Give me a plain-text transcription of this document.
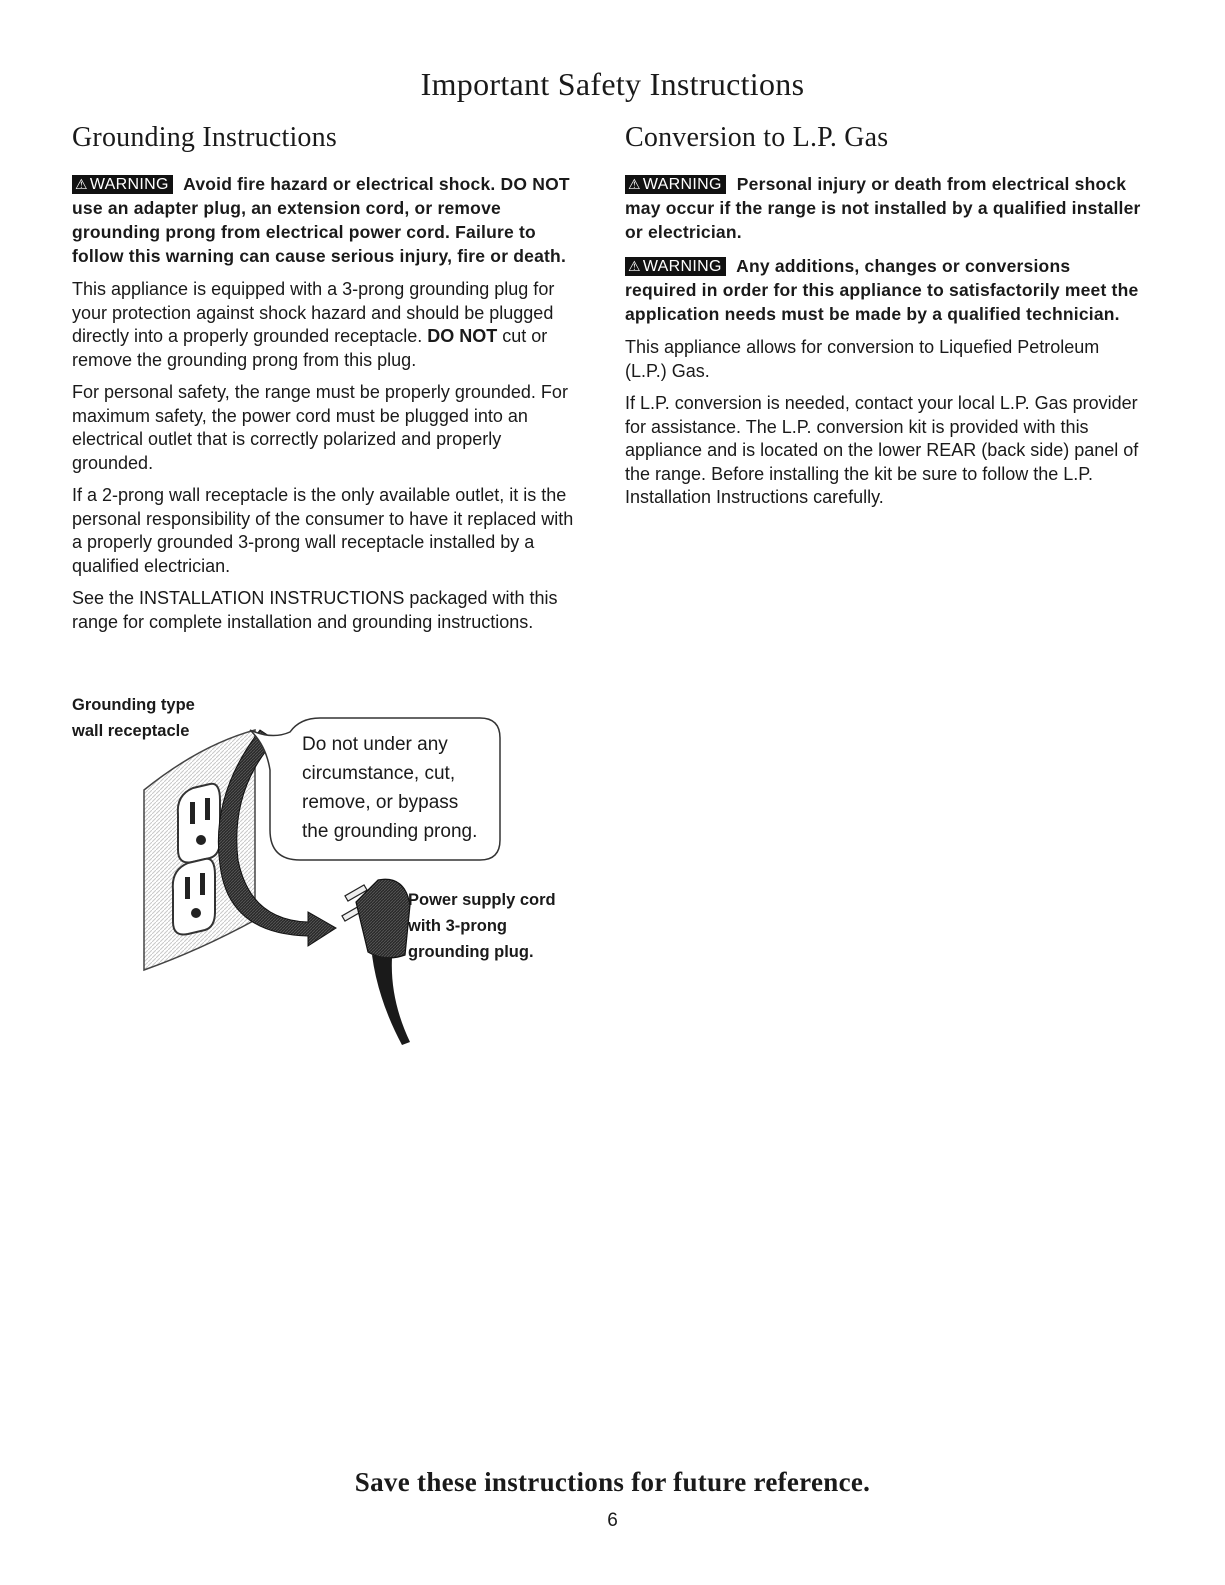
Important Safety Instructions
Grounding Instructions

⚠ WARNING Avoid fire hazard or electrical shock. DO NOT use an adapter plug, an extension cord, or remove grounding prong from electrical power cord. Failure to follow this warning can cause serious injury, fire or death.

This appliance is equipped with a 3-prong grounding plug for your protection against shock hazard and should be plugged directly into a properly grounded receptacle. DO NOT cut or remove the grounding prong from this plug.

For personal safety, the range must be properly grounded. For maximum safety, the power cord must be plugged into an electrical outlet that is correctly polarized and properly grounded.

If a 2-prong wall receptacle is the only available outlet, it is the personal responsibility of the consumer to have it replaced with a properly grounded 3-prong wall receptacle installed by a qualified electrician.

See the INSTALLATION INSTRUCTIONS packaged with this range for complete installation and grounding instructions.

Conversion to L.P. Gas

⚠ WARNING Personal injury or death from electrical shock may occur if the range is not installed by a qualified installer or electrician.

⚠ WARNING Any additions, changes or conversions required in order for this appliance to satisfactorily meet the application needs must be made by a qualified technician.

This appliance allows for conversion to Liquefied Petroleum (L.P.) Gas.

If L.P. conversion is needed, contact your local L.P. Gas provider for assistance. The L.P. conversion kit is provided with this appliance and is located on the lower REAR (back side) panel of the range. Before installing the kit be sure to follow the L.P. Installation Instructions carefully.

Grounding type
wall receptacle
Do not under any
circumstance, cut,
remove, or bypass
the grounding prong.
Power supply cord
with 3-prong
grounding plug.

Save these instructions for future reference.

6
